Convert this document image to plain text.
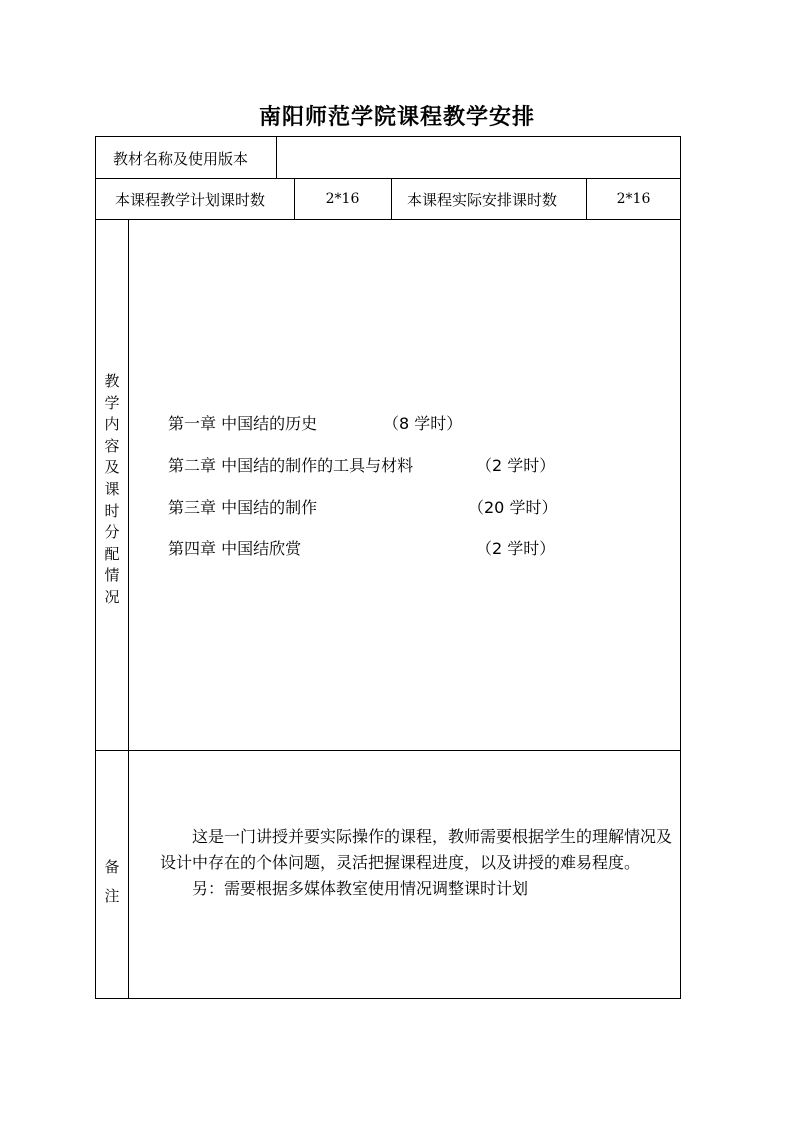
南阳师范学院课程教学安排
教材名称及使用版本
本课程教学计划课时数	2*16	本课程实际安排课时数	2*16
教学内容及课时分配情况
第一章 中国结的历史	（8 学时）
第二章 中国结的制作的工具与材料	（2 学时）
第三章 中国结的制作	（20 学时）
第四章 中国结欣赏	（2 学时）
备注

这是一门讲授并要实际操作的课程，教师需要根据学生的理解情况及设计中存在的个体问题，灵活把握课程进度，以及讲授的难易程度。

另：需要根据多媒体教室使用情况调整课时计划
